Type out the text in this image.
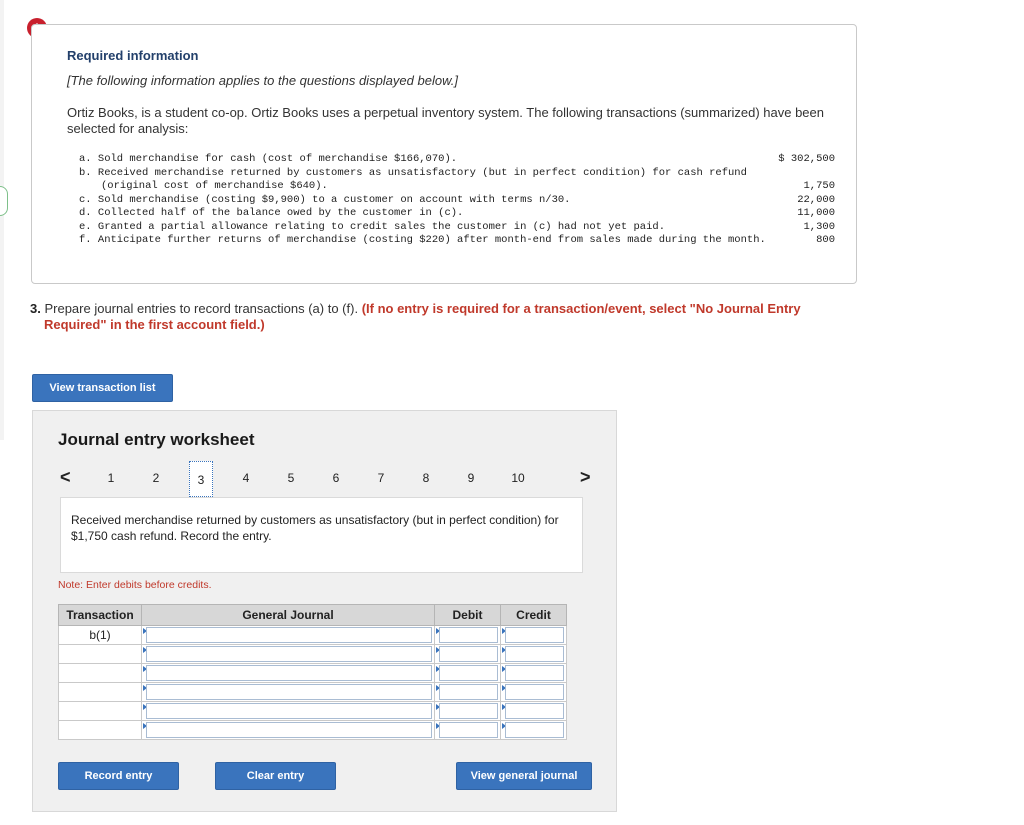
Required information
[The following information applies to the questions displayed below.]
Ortiz Books, is a student co-op. Ortiz Books uses a perpetual inventory system. The following transactions (summarized) have been selected for analysis:
a. Sold merchandise for cash (cost of merchandise $166,070).	$ 302,500
b. Received merchandise returned by customers as unsatisfactory (but in perfect condition) for cash refund (original cost of merchandise $640).	1,750
c. Sold merchandise (costing $9,900) to a customer on account with terms n/30.	22,000
d. Collected half of the balance owed by the customer in (c).	11,000
e. Granted a partial allowance relating to credit sales the customer in (c) had not yet paid.	1,300
f. Anticipate further returns of merchandise (costing $220) after month-end from sales made during the month.	800
3. Prepare journal entries to record transactions (a) to (f). (If no entry is required for a transaction/event, select "No Journal Entry
Required" in the first account field.)
View transaction list
Journal entry worksheet
<	>
1	2	3	4	5	6	7	8	9	10
Received merchandise returned by customers as unsatisfactory (but in perfect condition) for $1,750 cash refund. Record the entry.
Note: Enter debits before credits.
Transaction	General Journal	Debit	Credit
b(1)	

Record entry	Clear entry	View general journal
